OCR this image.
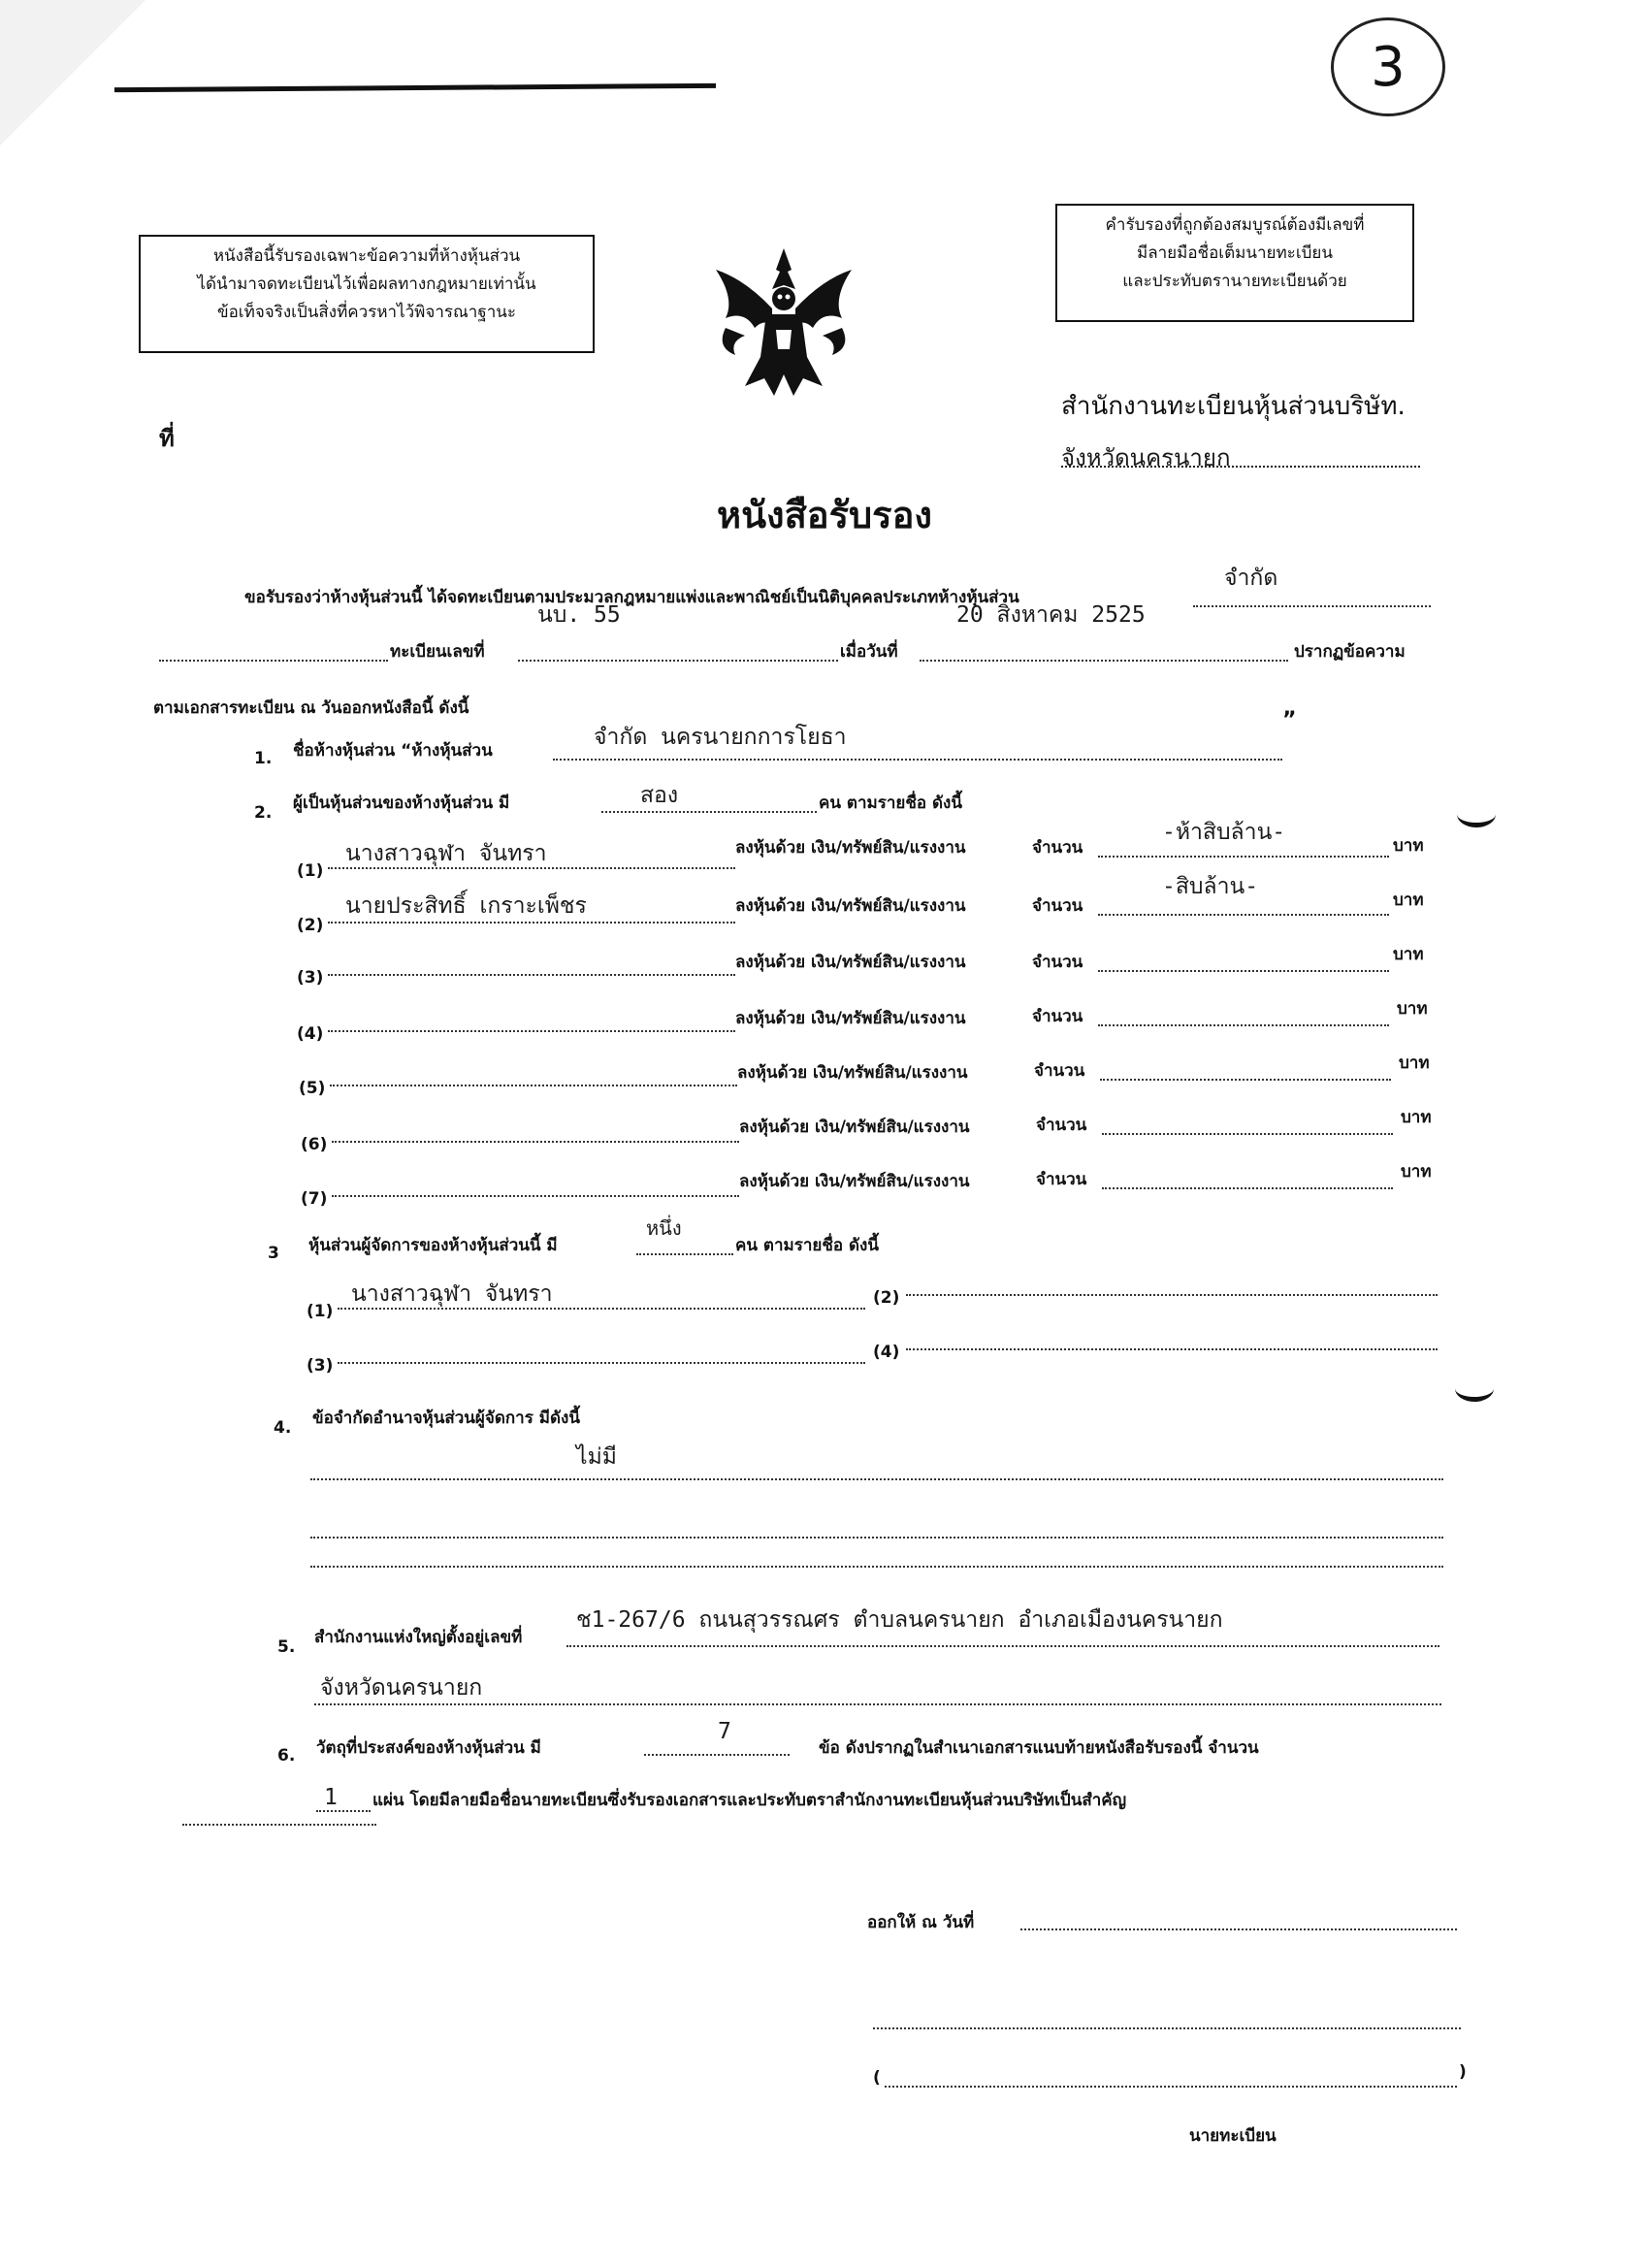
3
หนังสือนี้รับรองเฉพาะข้อความที่ห้างหุ้นส่วน
ได้นำมาจดทะเบียนไว้เพื่อผลทางกฎหมายเท่านั้น
ข้อเท็จจริงเป็นสิ่งที่ควรหาไว้พิจารณาฐานะ
คำรับรองที่ถูกต้องสมบูรณ์ต้องมีเลขที่
มีลายมือชื่อเต็มนายทะเบียน
และประทับตรานายทะเบียนด้วย
ที่
สำนักงานทะเบียนหุ้นส่วนบริษัท.
จังหวัดนครนายก
หนังสือรับรอง
ขอรับรองว่าห้างหุ้นส่วนนี้ ได้จดทะเบียนตามประมวลกฎหมายแพ่งและพาณิชย์เป็นนิติบุคคลประเภทห้างหุ้นส่วน
จำกัด
ทะเบียนเลขที่
นบ. 55
เมื่อวันที่
20 สิงหาคม 2525
ปรากฏข้อความ
ตามเอกสารทะเบียน ณ วันออกหนังสือนี้ ดังนี้
1. ชื่อห้างหุ้นส่วน “ห้างหุ้นส่วน
จำกัด นครนายกการโยธา
”
2. ผู้เป็นหุ้นส่วนของห้างหุ้นส่วน มี	สอง	คน ตามรายชื่อ ดังนี้
(1)
นางสาวฉุฬา จันทรา	ลงหุ้นด้วย เงิน/ทรัพย์สิน/แรงงาน	จำนวน
-ห้าสิบล้าน-
บาท
(2)
นายประสิทธิ์ เกราะเพ็ชร	ลงหุ้นด้วย เงิน/ทรัพย์สิน/แรงงาน	จำนวน
-สิบล้าน-
บาท
(3)
ลงหุ้นด้วย เงิน/ทรัพย์สิน/แรงงาน	จำนวน	บาท
(4)
ลงหุ้นด้วย เงิน/ทรัพย์สิน/แรงงาน	จำนวน	บาท
(5)
ลงหุ้นด้วย เงิน/ทรัพย์สิน/แรงงาน	จำนวน	บาท
(6)
ลงหุ้นด้วย เงิน/ทรัพย์สิน/แรงงาน	จำนวน	บาท
(7)
ลงหุ้นด้วย เงิน/ทรัพย์สิน/แรงงาน	จำนวน	บาท
3 หุ้นส่วนผู้จัดการของห้างหุ้นส่วนนี้ มี
หนึ่ง
คน ตามรายชื่อ ดังนี้
(1)
นางสาวฉุฬา จันทรา	(2)
(3)
(4)
4. ข้อจำกัดอำนาจหุ้นส่วนผู้จัดการ มีดังนี้
ไม่มี
5. สำนักงานแห่งใหญ่ตั้งอยู่เลขที่
ช1-267/6 ถนนสุวรรณศร ตำบลนครนายก อำเภอเมืองนครนายก
จังหวัดนครนายก
6. วัตถุที่ประสงค์ของห้างหุ้นส่วน มี
7
ข้อ ดังปรากฏในสำเนาเอกสารแนบท้ายหนังสือรับรองนี้ จำนวน
1 แผ่น โดยมีลายมือชื่อนายทะเบียนซึ่งรับรองเอกสารและประทับตราสำนักงานทะเบียนหุ้นส่วนบริษัทเป็นสำคัญ
ออกให้ ณ วันที่
(	)
นายทะเบียน
